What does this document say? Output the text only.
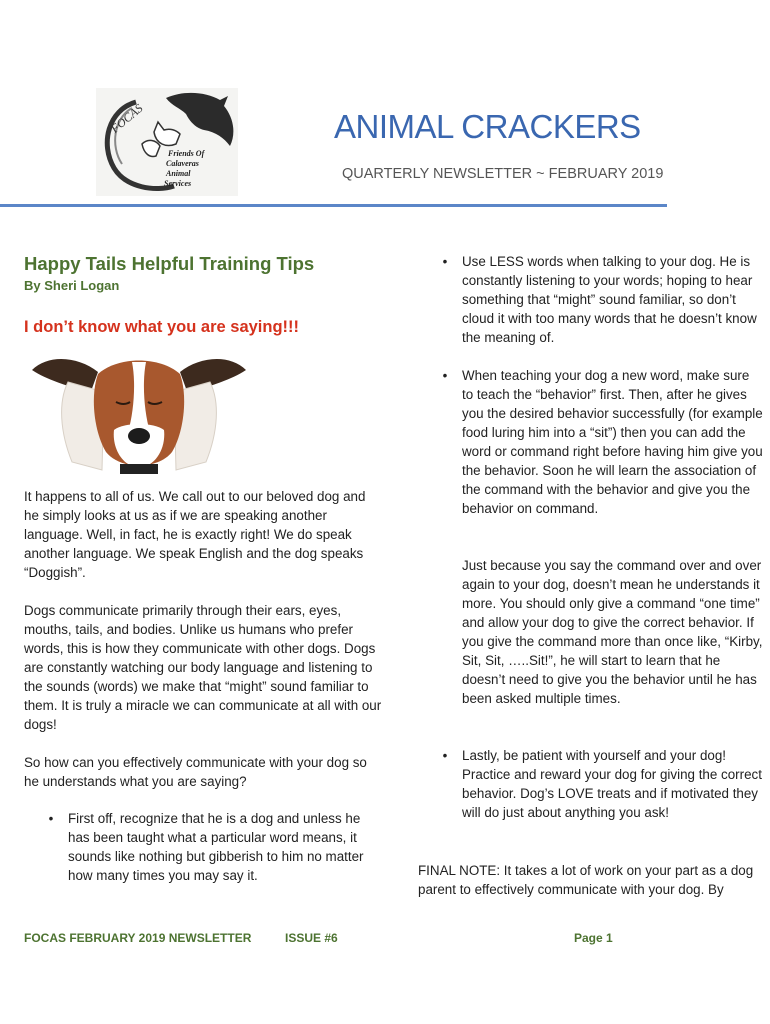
FOCAS
Friends Of
Calaveras
Animal
Services
ANIMAL CRACKERS
QUARTERLY NEWSLETTER ~ FEBRUARY 2019
Happy Tails Helpful Training Tips
By Sheri Logan
I don’t know what you are saying!!!

It happens to all of us. We call out to our beloved dog and he simply looks at us as if we are speaking another language. Well, in fact, he is exactly right! We do speak another language. We speak English and the dog speaks “Doggish”.

Dogs communicate primarily through their ears, eyes, mouths, tails, and bodies. Unlike us humans who prefer words, this is how they communicate with other dogs. Dogs are constantly watching our body language and listening to the sounds (words) we make that “might” sound familiar to them. It is truly a miracle we can communicate at all with our dogs!

So how can you effectively communicate with your dog so he understands what you are saying?

•	First off, recognize that he is a dog and unless he has been taught what a particular word means, it sounds like nothing but gibberish to him no matter how many times you may say it.
•	Use LESS words when talking to your dog. He is constantly listening to your words; hoping to hear something that “might” sound familiar, so don’t cloud it with too many words that he doesn’t know the meaning of.
•	When teaching your dog a new word, make sure to teach the “behavior” first. Then, after he gives you the desired behavior successfully (for example food luring him into a “sit”) then you can add the word or command right before having him give you the behavior. Soon he will learn the association of the command with the behavior and give you the behavior on command.

Just because you say the command over and over again to your dog, doesn’t mean he understands it more. You should only give a command “one time” and allow your dog to give the correct behavior. If you give the command more than once like, “Kirby, Sit, Sit, …..Sit!”, he will start to learn that he doesn’t need to give you the behavior until he has been asked multiple times.

•	Lastly, be patient with yourself and your dog! Practice and reward your dog for giving the correct behavior. Dog’s LOVE treats and if motivated they will do just about anything you ask!

FINAL NOTE: It takes a lot of work on your part as a dog parent to effectively communicate with your dog. By

FOCAS FEBRUARY 2019 NEWSLETTER	ISSUE #6	Page 1
